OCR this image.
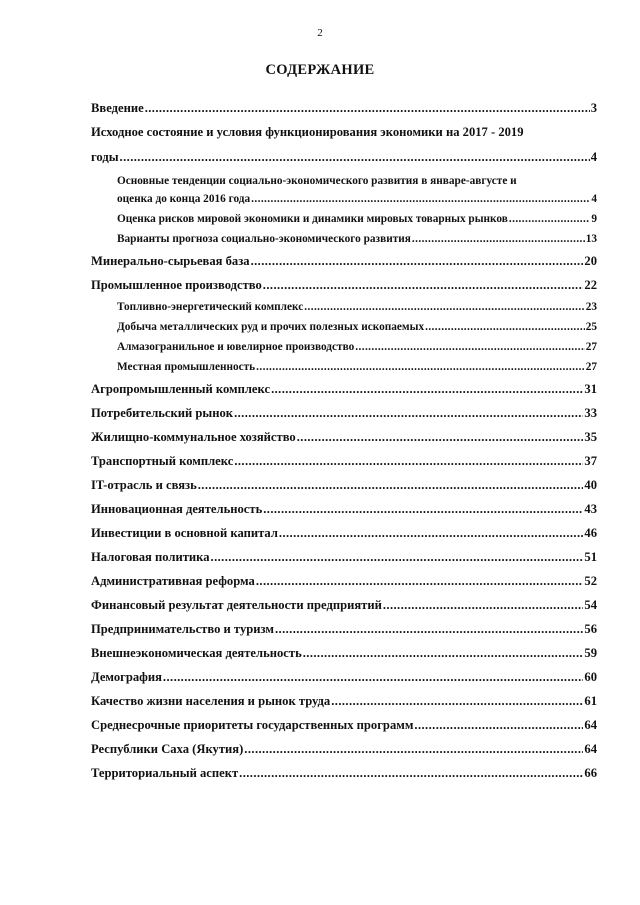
2
СОДЕРЖАНИЕ
Введение .....	3
Исходное состояние и условия функционирования экономики на 2017 - 2019
годы .....	4
Основные тенденции социально-экономического развития в январе-августе и
оценка до конца 2016 года .....	4
Оценка рисков мировой экономики и динамики мировых товарных рынков .....	9
Варианты прогноза социально-экономического развития .....	13
Минерально-сырьевая база .....	20
Промышленное производство .....	22
Топливно-энергетический комплекс .....	23
Добыча металлических руд и прочих полезных ископаемых .....	25
Алмазогранильное и ювелирное производство .....	27
Местная промышленность .....	27
Агропромышленный комплекс .....	31
Потребительский рынок .....	33
Жилищно-коммунальное хозяйство .....	35
Транспортный комплекс .....	37
IT-отрасль и связь .....	40
Инновационная деятельность .....	43
Инвестиции в основной капитал .....	46
Налоговая политика .....	51
Административная реформа .....	52
Финансовый результат деятельности предприятий .....	54
Предпринимательство и туризм .....	56
Внешнеэкономическая деятельность .....	59
Демография .....	60
Качество жизни населения и рынок труда .....	61
Среднесрочные приоритеты государственных программ .....	64
Республики Саха (Якутия) .....	64
Территориальный аспект .....	66
